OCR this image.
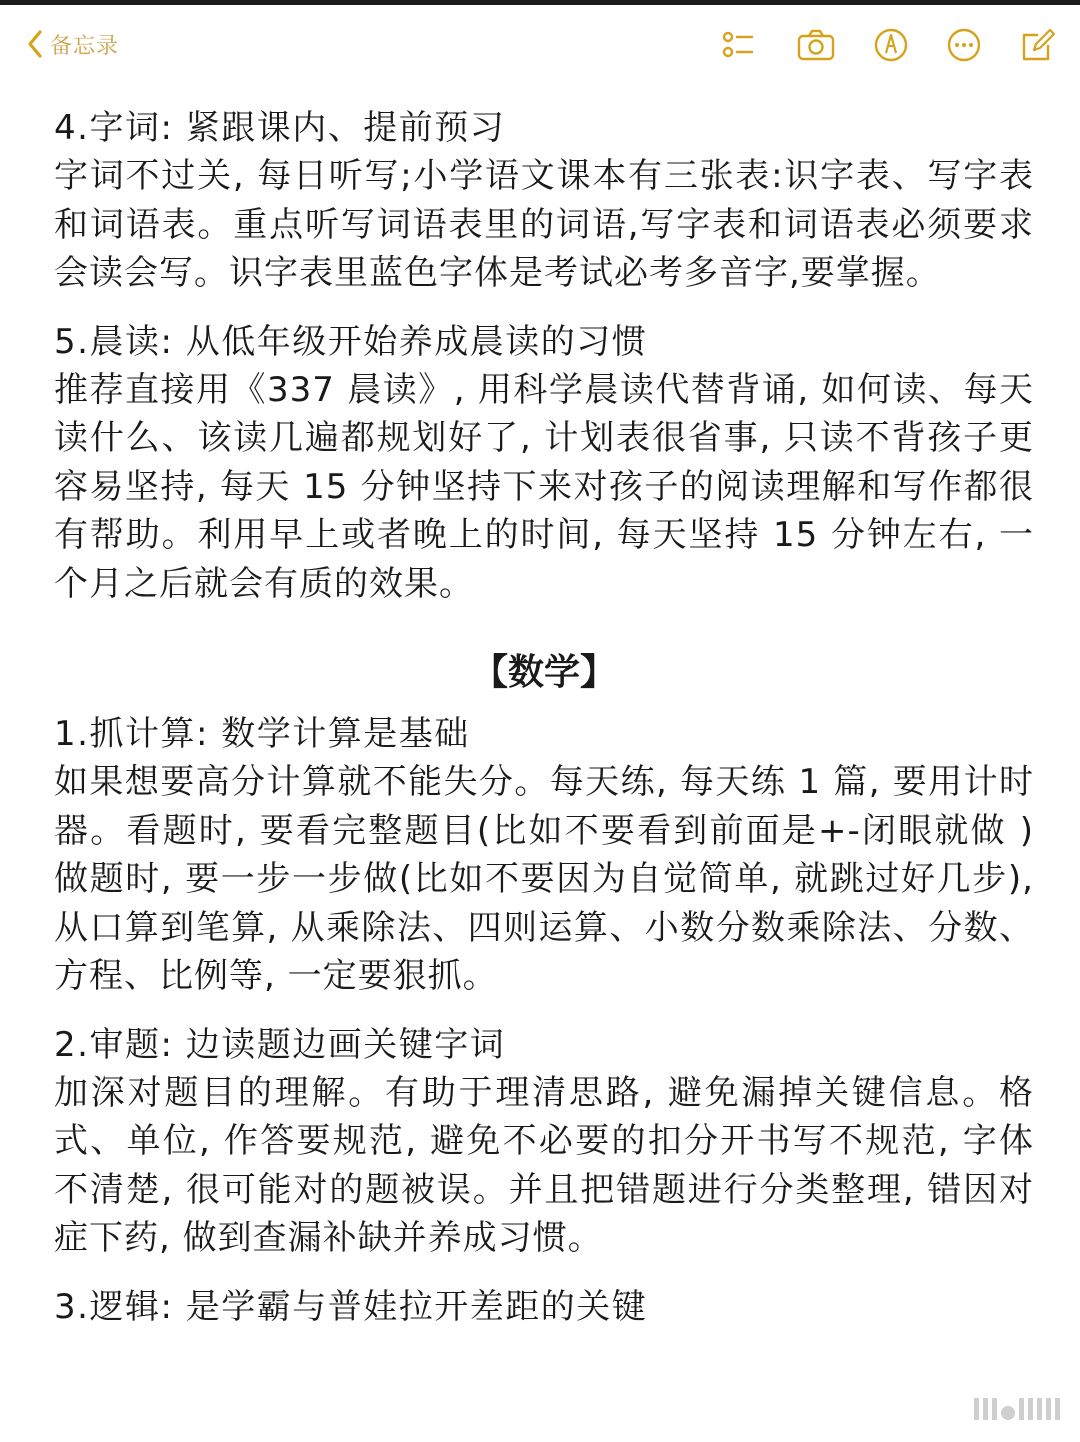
备忘录
4.字词: 紧跟课内、提前预习
字词不过关, 每日听写;小学语文课本有三张表:识字表、写字表和词语表。重点听写词语表里的词语,写字表和词语表必须要求会读会写。识字表里蓝色字体是考试必考多音字,要掌握。
5.晨读: 从低年级开始养成晨读的习惯
推荐直接用《337 晨读》, 用科学晨读代替背诵, 如何读、每天读什么、该读几遍都规划好了, 计划表很省事, 只读不背孩子更容易坚持, 每天 15 分钟坚持下来对孩子的阅读理解和写作都很有帮助。利用早上或者晚上的时间, 每天坚持 15 分钟左右, 一个月之后就会有质的效果。
【数学】
1.抓计算: 数学计算是基础
如果想要高分计算就不能失分。每天练, 每天练 1 篇, 要用计时器。看题时, 要看完整题目(比如不要看到前面是+-闭眼就做 )做题时, 要一步一步做(比如不要因为自觉简单, 就跳过好几步), 从口算到笔算, 从乘除法、四则运算、小数分数乘除法、分数、方程、比例等, 一定要狠抓。
2.审题: 边读题边画关键字词
加深对题目的理解。有助于理清思路, 避免漏掉关键信息。格式、单位, 作答要规范, 避免不必要的扣分开书写不规范, 字体不清楚, 很可能对的题被误。并且把错题进行分类整理, 错因对症下药, 做到查漏补缺并养成习惯。
3.逻辑: 是学霸与普娃拉开差距的关键
